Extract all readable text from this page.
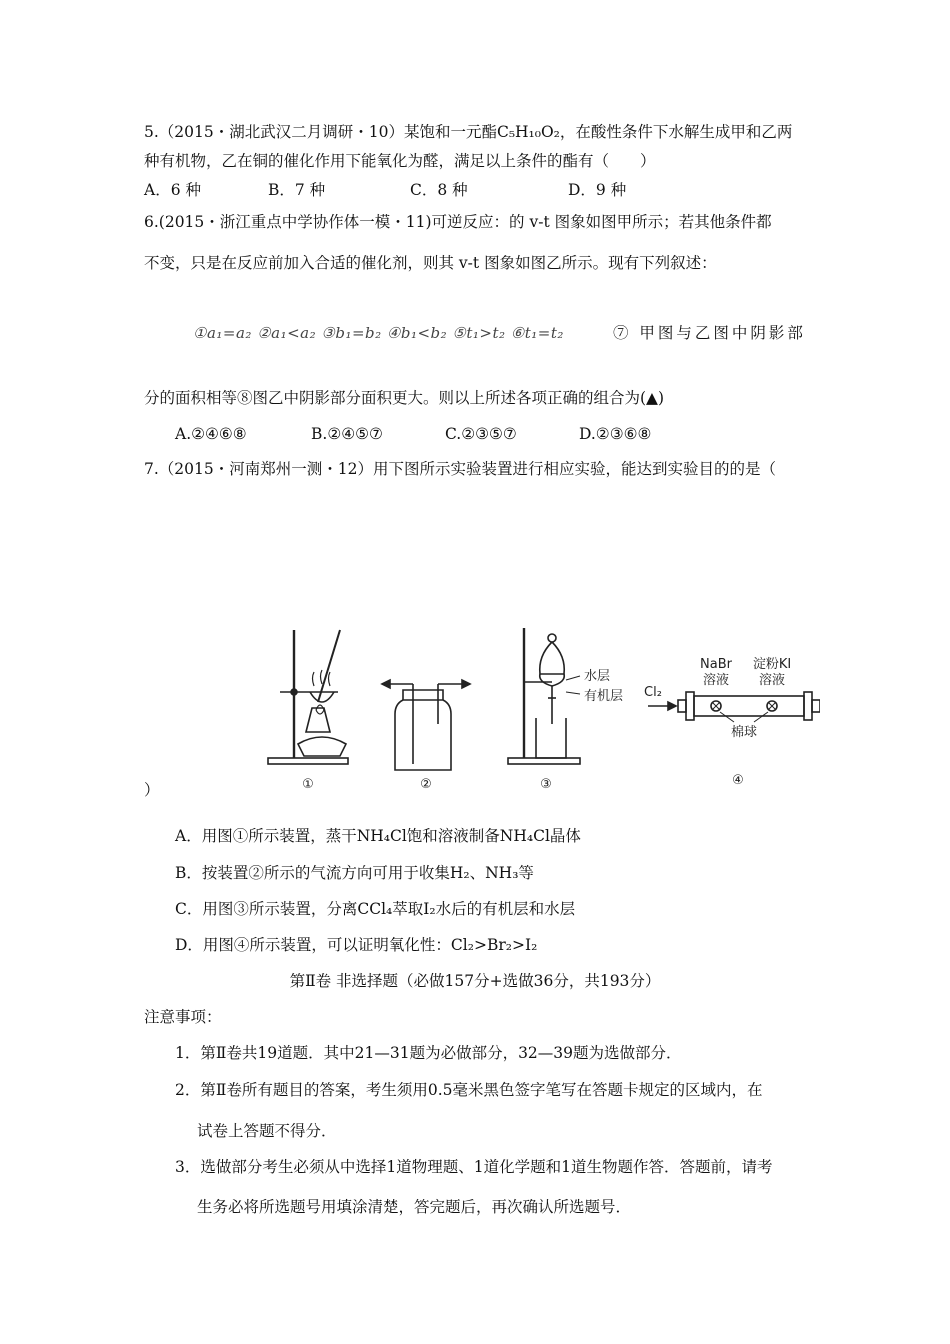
5.（2015・湖北武汉二月调研・10）某饱和一元酯C₅H₁₀O₂，在酸性条件下水解生成甲和乙两
种有机物，乙在铜的催化作用下能氧化为醛，满足以上条件的酯有（　　）
A．6 种	B．7 种	C．8 种	D．9 种
6.(2015・浙江重点中学协作体一模・11)可逆反应：的 v-t 图象如图甲所示；若其他条件都
不变，只是在反应前加入合适的催化剂，则其 v-t 图象如图乙所示。现有下列叙述：
①a₁=a₂ ②a₁<a₂ ③b₁=b₂ ④b₁<b₂ ⑤t₁>t₂ ⑥t₁=t₂	⑦ 甲图与乙图中阴影部
分的面积相等⑧图乙中阴影部分面积更大。则以上所述各项正确的组合为(▲)
A.②④⑥⑧	B.②④⑤⑦	C.②③⑤⑦	D.②③⑥⑧
7.（2015・河南郑州一测・12）用下图所示实验装置进行相应实验，能达到实验目的的是（
①	②	③	④
水层
有机层 Cl₂
NaBr
溶液
淀粉KI
溶液
棉球
）
A．用图①所示装置，蒸干NH₄Cl饱和溶液制备NH₄Cl晶体
B．按装置②所示的气流方向可用于收集H₂、NH₃等
C．用图③所示装置，分离CCl₄萃取I₂水后的有机层和水层
D．用图④所示装置，可以证明氧化性：Cl₂>Br₂>I₂
第Ⅱ卷 非选择题（必做157分+选做36分，共193分）
注意事项：
1．第Ⅱ卷共19道题．其中21—31题为必做部分，32—39题为选做部分．
2．第Ⅱ卷所有题目的答案，考生须用0.5毫米黑色签字笔写在答题卡规定的区域内，在
试卷上答题不得分．
3．选做部分考生必须从中选择1道物理题、1道化学题和1道生物题作答．答题前，请考
生务必将所选题号用填涂清楚，答完题后，再次确认所选题号．
